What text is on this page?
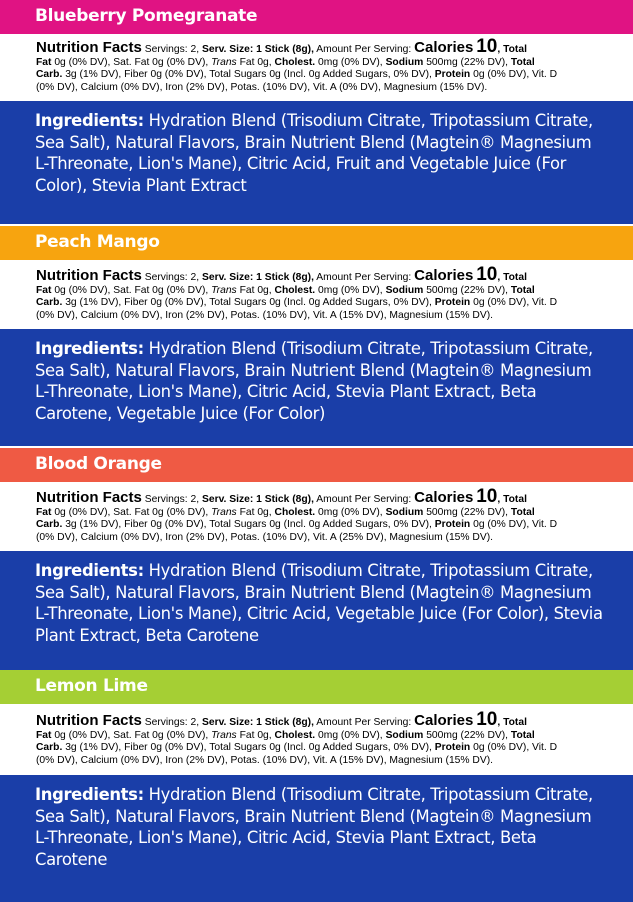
Blueberry Pomegranate
Nutrition Facts Servings: 2, Serv. Size: 1 Stick (8g), Amount Per Serving: Calories 10, Total
Fat 0g (0% DV), Sat. Fat 0g (0% DV), Trans Fat 0g, Cholest. 0mg (0% DV), Sodium 500mg (22% DV), Total
Carb. 3g (1% DV), Fiber 0g (0% DV), Total Sugars 0g (Incl. 0g Added Sugars, 0% DV), Protein 0g (0% DV), Vit. D
(0% DV), Calcium (0% DV), Iron (2% DV), Potas. (10% DV), Vit. A (0% DV), Magnesium (15% DV).
Ingredients: Hydration Blend (Trisodium Citrate, Tripotassium Citrate, Sea Salt), Natural Flavors, Brain Nutrient Blend (Magtein® Magnesium L-Threonate, Lion's Mane), Citric Acid, Fruit and Vegetable Juice (For Color), Stevia Plant Extract
Peach Mango
Nutrition Facts Servings: 2, Serv. Size: 1 Stick (8g), Amount Per Serving: Calories 10, Total
Fat 0g (0% DV), Sat. Fat 0g (0% DV), Trans Fat 0g, Cholest. 0mg (0% DV), Sodium 500mg (22% DV), Total
Carb. 3g (1% DV), Fiber 0g (0% DV), Total Sugars 0g (Incl. 0g Added Sugars, 0% DV), Protein 0g (0% DV), Vit. D
(0% DV), Calcium (0% DV), Iron (2% DV), Potas. (10% DV), Vit. A (15% DV), Magnesium (15% DV).
Ingredients: Hydration Blend (Trisodium Citrate, Tripotassium Citrate, Sea Salt), Natural Flavors, Brain Nutrient Blend (Magtein® Magnesium L-Threonate, Lion's Mane), Citric Acid, Stevia Plant Extract, Beta Carotene, Vegetable Juice (For Color)
Blood Orange
Nutrition Facts Servings: 2, Serv. Size: 1 Stick (8g), Amount Per Serving: Calories 10, Total
Fat 0g (0% DV), Sat. Fat 0g (0% DV), Trans Fat 0g, Cholest. 0mg (0% DV), Sodium 500mg (22% DV), Total
Carb. 3g (1% DV), Fiber 0g (0% DV), Total Sugars 0g (Incl. 0g Added Sugars, 0% DV), Protein 0g (0% DV), Vit. D
(0% DV), Calcium (0% DV), Iron (2% DV), Potas. (10% DV), Vit. A (25% DV), Magnesium (15% DV).
Ingredients: Hydration Blend (Trisodium Citrate, Tripotassium Citrate, Sea Salt), Natural Flavors, Brain Nutrient Blend (Magtein® Magnesium L-Threonate, Lion's Mane), Citric Acid, Vegetable Juice (For Color), Stevia Plant Extract, Beta Carotene
Lemon Lime
Nutrition Facts Servings: 2, Serv. Size: 1 Stick (8g), Amount Per Serving: Calories 10, Total
Fat 0g (0% DV), Sat. Fat 0g (0% DV), Trans Fat 0g, Cholest. 0mg (0% DV), Sodium 500mg (22% DV), Total
Carb. 3g (1% DV), Fiber 0g (0% DV), Total Sugars 0g (Incl. 0g Added Sugars, 0% DV), Protein 0g (0% DV), Vit. D
(0% DV), Calcium (0% DV), Iron (2% DV), Potas. (10% DV), Vit. A (15% DV), Magnesium (15% DV).
Ingredients: Hydration Blend (Trisodium Citrate, Tripotassium Citrate, Sea Salt), Natural Flavors, Brain Nutrient Blend (Magtein® Magnesium L-Threonate, Lion's Mane), Citric Acid, Stevia Plant Extract, Beta Carotene
